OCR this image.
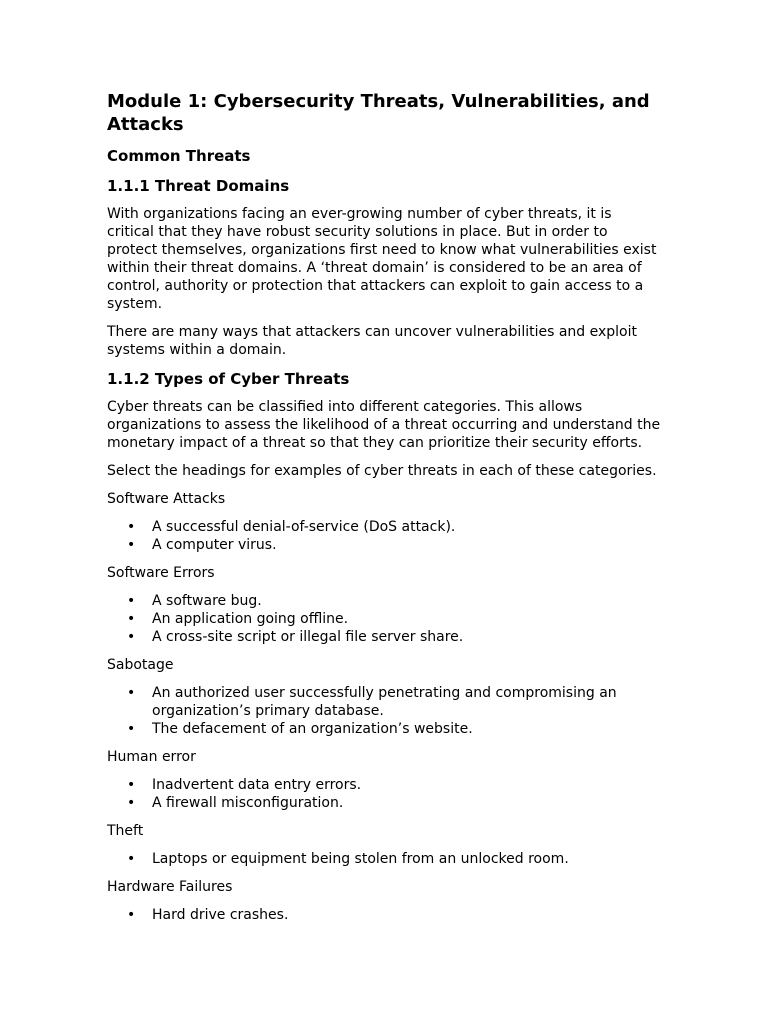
Module 1: Cybersecurity Threats, Vulnerabilities, and Attacks
Common Threats
1.1.1 Threat Domains

With organizations facing an ever-growing number of cyber threats, it is critical that they have robust security solutions in place. But in order to protect themselves, organizations first need to know what vulnerabilities exist within their threat domains. A ‘threat domain’ is considered to be an area of control, authority or protection that attackers can exploit to gain access to a system.

There are many ways that attackers can uncover vulnerabilities and exploit systems within a domain.

1.1.2 Types of Cyber Threats

Cyber threats can be classified into different categories. This allows organizations to assess the likelihood of a threat occurring and understand the monetary impact of a threat so that they can prioritize their security efforts.

Select the headings for examples of cyber threats in each of these categories.

Software Attacks
• A successful denial-of-service (DoS attack).
• A computer virus.
Software Errors
• A software bug.
• An application going offline.
• A cross-site script or illegal file server share.
Sabotage
• An authorized user successfully penetrating and compromising an organization’s primary database.
• The defacement of an organization’s website.
Human error
• Inadvertent data entry errors.
• A firewall misconfiguration.
Theft
• Laptops or equipment being stolen from an unlocked room.
Hardware Failures
• Hard drive crashes.
